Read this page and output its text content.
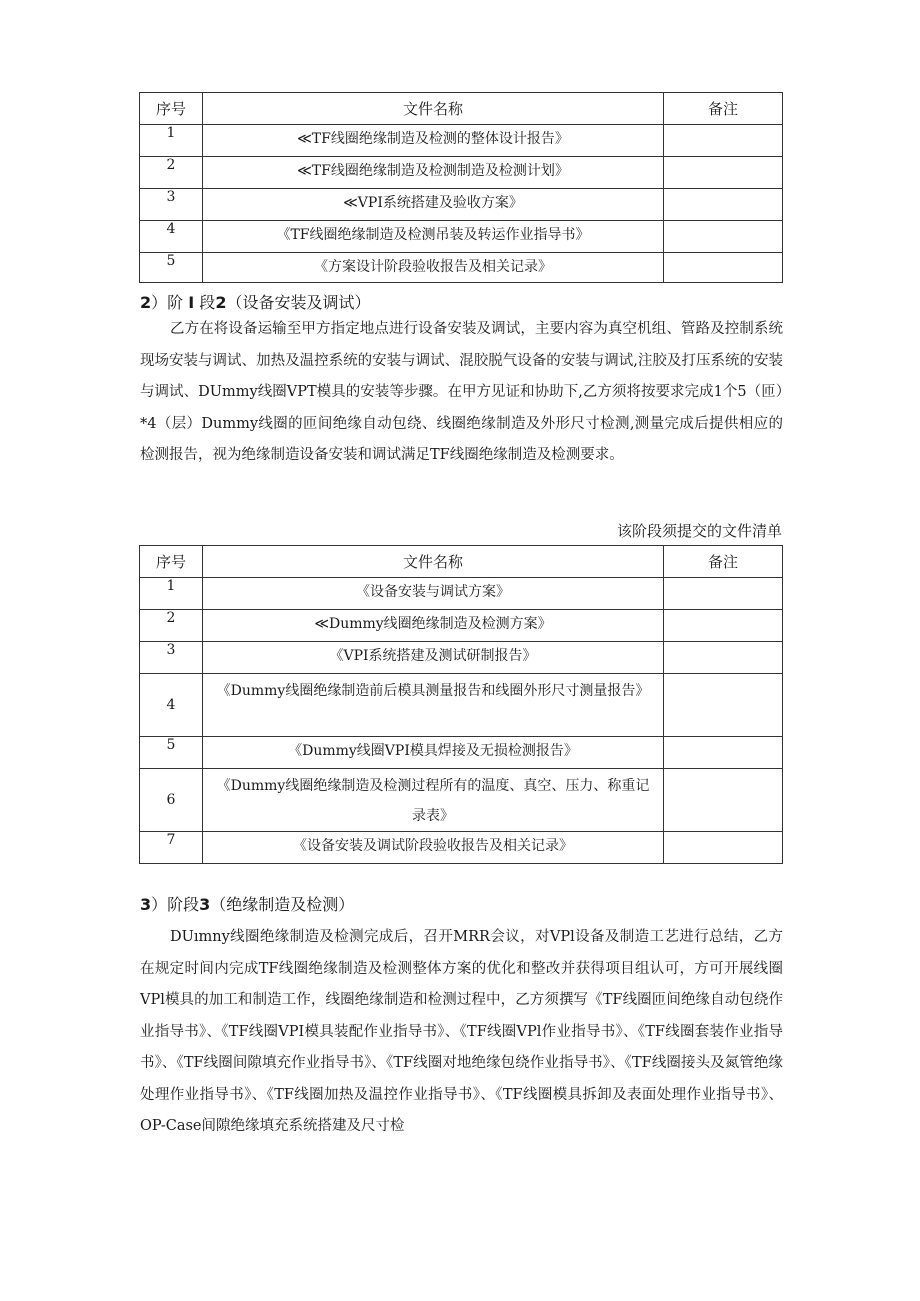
序号	文件名称	备注
1	≪TF线圈绝缘制造及检测的整体设计报告》	
2	≪TF线圈绝缘制造及检测制造及检测计划》	
3	≪VPI系统搭建及验收方案》	
4	《TF线圈绝缘制造及检测吊装及转运作业指导书》	
5	《方案设计阶段验收报告及相关记录》	
2）阶 I 段2（设备安装及调试）

乙方在将设备运输至甲方指定地点进行设备安装及调试，主要内容为真空机组、管路及控制系统现场安装与调试、加热及温控系统的安装与调试、混胶脱气设备的安装与调试,注胶及打压系统的安装与调试、DUmmy线圈VPT模具的安装等步骤。在甲方见证和协助下,乙方须将按要求完成1个5（匝）*4（层）Dummy线圈的匝间绝缘自动包绕、线圈绝缘制造及外形尺寸检测,测量完成后提供相应的检测报告，视为绝缘制造设备安装和调试满足TF线圈绝缘制造及检测要求。

该阶段须提交的文件清单
序号	文件名称	备注
1	《设备安装与调试方案》	
2	≪Dummy线圈绝缘制造及检测方案》	
3	《VPI系统搭建及测试研制报告》	
4	《Dummy线圈绝缘制造前后模具测量报告和线圈外形尺寸测量报告》	
5	《Dummy线圈VPI模具焊接及无损检测报告》	
6	《Dummy线圈绝缘制造及检测过程所有的温度、真空、压力、称重记录表》	
7	《设备安装及调试阶段验收报告及相关记录》	
3）阶段3（绝缘制造及检测）

DUımny线圈绝缘制造及检测完成后，召开MRR会议，对VPl设备及制造工艺进行总结，乙方在规定时间内完成TF线圈绝缘制造及检测整体方案的优化和整改并获得项目组认可，方可开展线圈VPl模具的加工和制造工作，线圈绝缘制造和检测过程中，乙方须撰写《TF线圈匝间绝缘自动包绕作业指导书》、《TF线圈VPI模具装配作业指导书》、《TF线圈VPl作业指导书》、《TF线圈套装作业指导书》、《TF线圈间隙填充作业指导书》、《TF线圈对地绝缘包绕作业指导书》、《TF线圈接头及氮管绝缘处理作业指导书》、《TF线圈加热及温控作业指导书》、《TF线圈模具拆卸及表面处理作业指导书》、OP-Case间隙绝缘填充系统搭建及尺寸检
